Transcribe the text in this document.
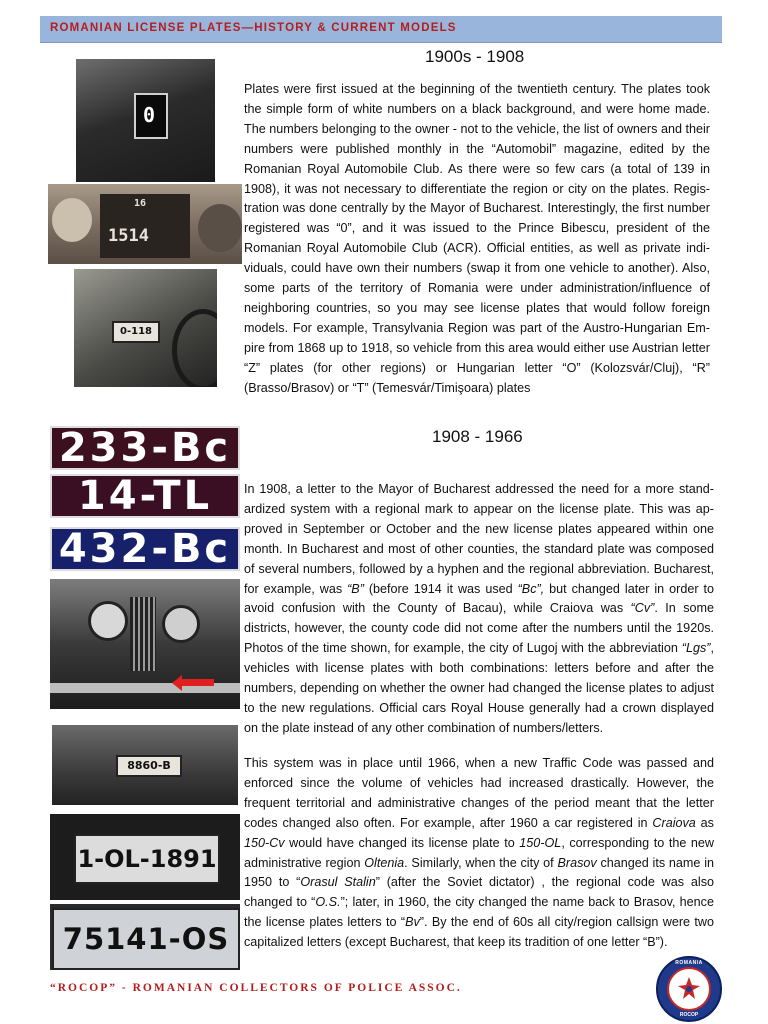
ROMANIAN LICENSE PLATES—HISTORY & CURRENT MODELS
1900s - 1908
0
16
1514
0-118

Plates were first issued at the beginning of the twentieth century. The plates took the simple form of white numbers on a black background, and were home made. The numbers belonging to the owner - not to the vehicle, the list of owners and their numbers were published monthly in the “Automobil” magazine, edited by the Romanian Royal Automobile Club. As there were so few cars (a total of 139 in 1908), it was not necessary to differentiate the region or city on the plates. Registration was done centrally by the Mayor of Bucharest. Interestingly, the first number registered was “0”, and it was issued to the Prince Bibescu, president of the Romanian Royal Automobile Club (ACR). Official entities, as well as private individuals, could have own their numbers (swap it from one vehicle to another). Also, some parts of the territory of Romania were under administration/influence of neighboring countries, so you may see license plates that would follow foreign models. For example, Transylvania Region was part of the Austro-Hungarian Empire from 1868 up to 1918, so vehicle from this area would either use Austrian letter “Z” plates (for other regions) or Hungarian letter “O” (Kolozsvár/Cluj), “R” (Brasso/Brasov) or “T” (Temesvár/Timişoara) plates

1908 - 1966
233-Bc
14-TL
432-Bc
8860-B
1-OL-1891
75141-OS

In 1908, a letter to the Mayor of Bucharest addressed the need for a more standardized system with a regional mark to appear on the license plate. This was approved in September or October and the new license plates appeared within one month. In Bucharest and most of other counties, the standard plate was composed of several numbers, followed by a hyphen and the regional abbreviation. Bucharest, for example, was “B” (before 1914 it was used “Bc”, but changed later in order to avoid confusion with the County of Bacau), while Craiova was “Cv”. In some districts, however, the county code did not come after the numbers until the 1920s. Photos of the time shown, for example, the city of Lugoj with the abbreviation “Lgs”, vehicles with license plates with both combinations: letters before and after the numbers, depending on whether the owner had changed the license plates to adjust to the new regulations. Official cars Royal House generally had a crown displayed on the plate instead of any other combination of numbers/letters.

This system was in place until 1966, when a new Traffic Code was passed and enforced since the volume of vehicles had increased drastically. However, the frequent territorial and administrative changes of the period meant that the letter codes changed also often. For example, after 1960 a car registered in Craiova as 150-Cv would have changed its license plate to 150-OL, corresponding to the new administrative region Oltenia. Similarly, when the city of Brasov changed its name in 1950 to “Orasul Stalin” (after the Soviet dictator) , the regional code was also changed to “O.S.”; later, in 1960, the city changed the name back to Brasov, hence the license plates letters to “Bv”. By the end of 60s all city/region callsign were two capitalized letters (except Bucharest, that keep its tradition of one letter “B”).

“ROCOP” - ROMANIAN COLLECTORS OF POLICE ASSOC.
ROMANIA
ROCOP
